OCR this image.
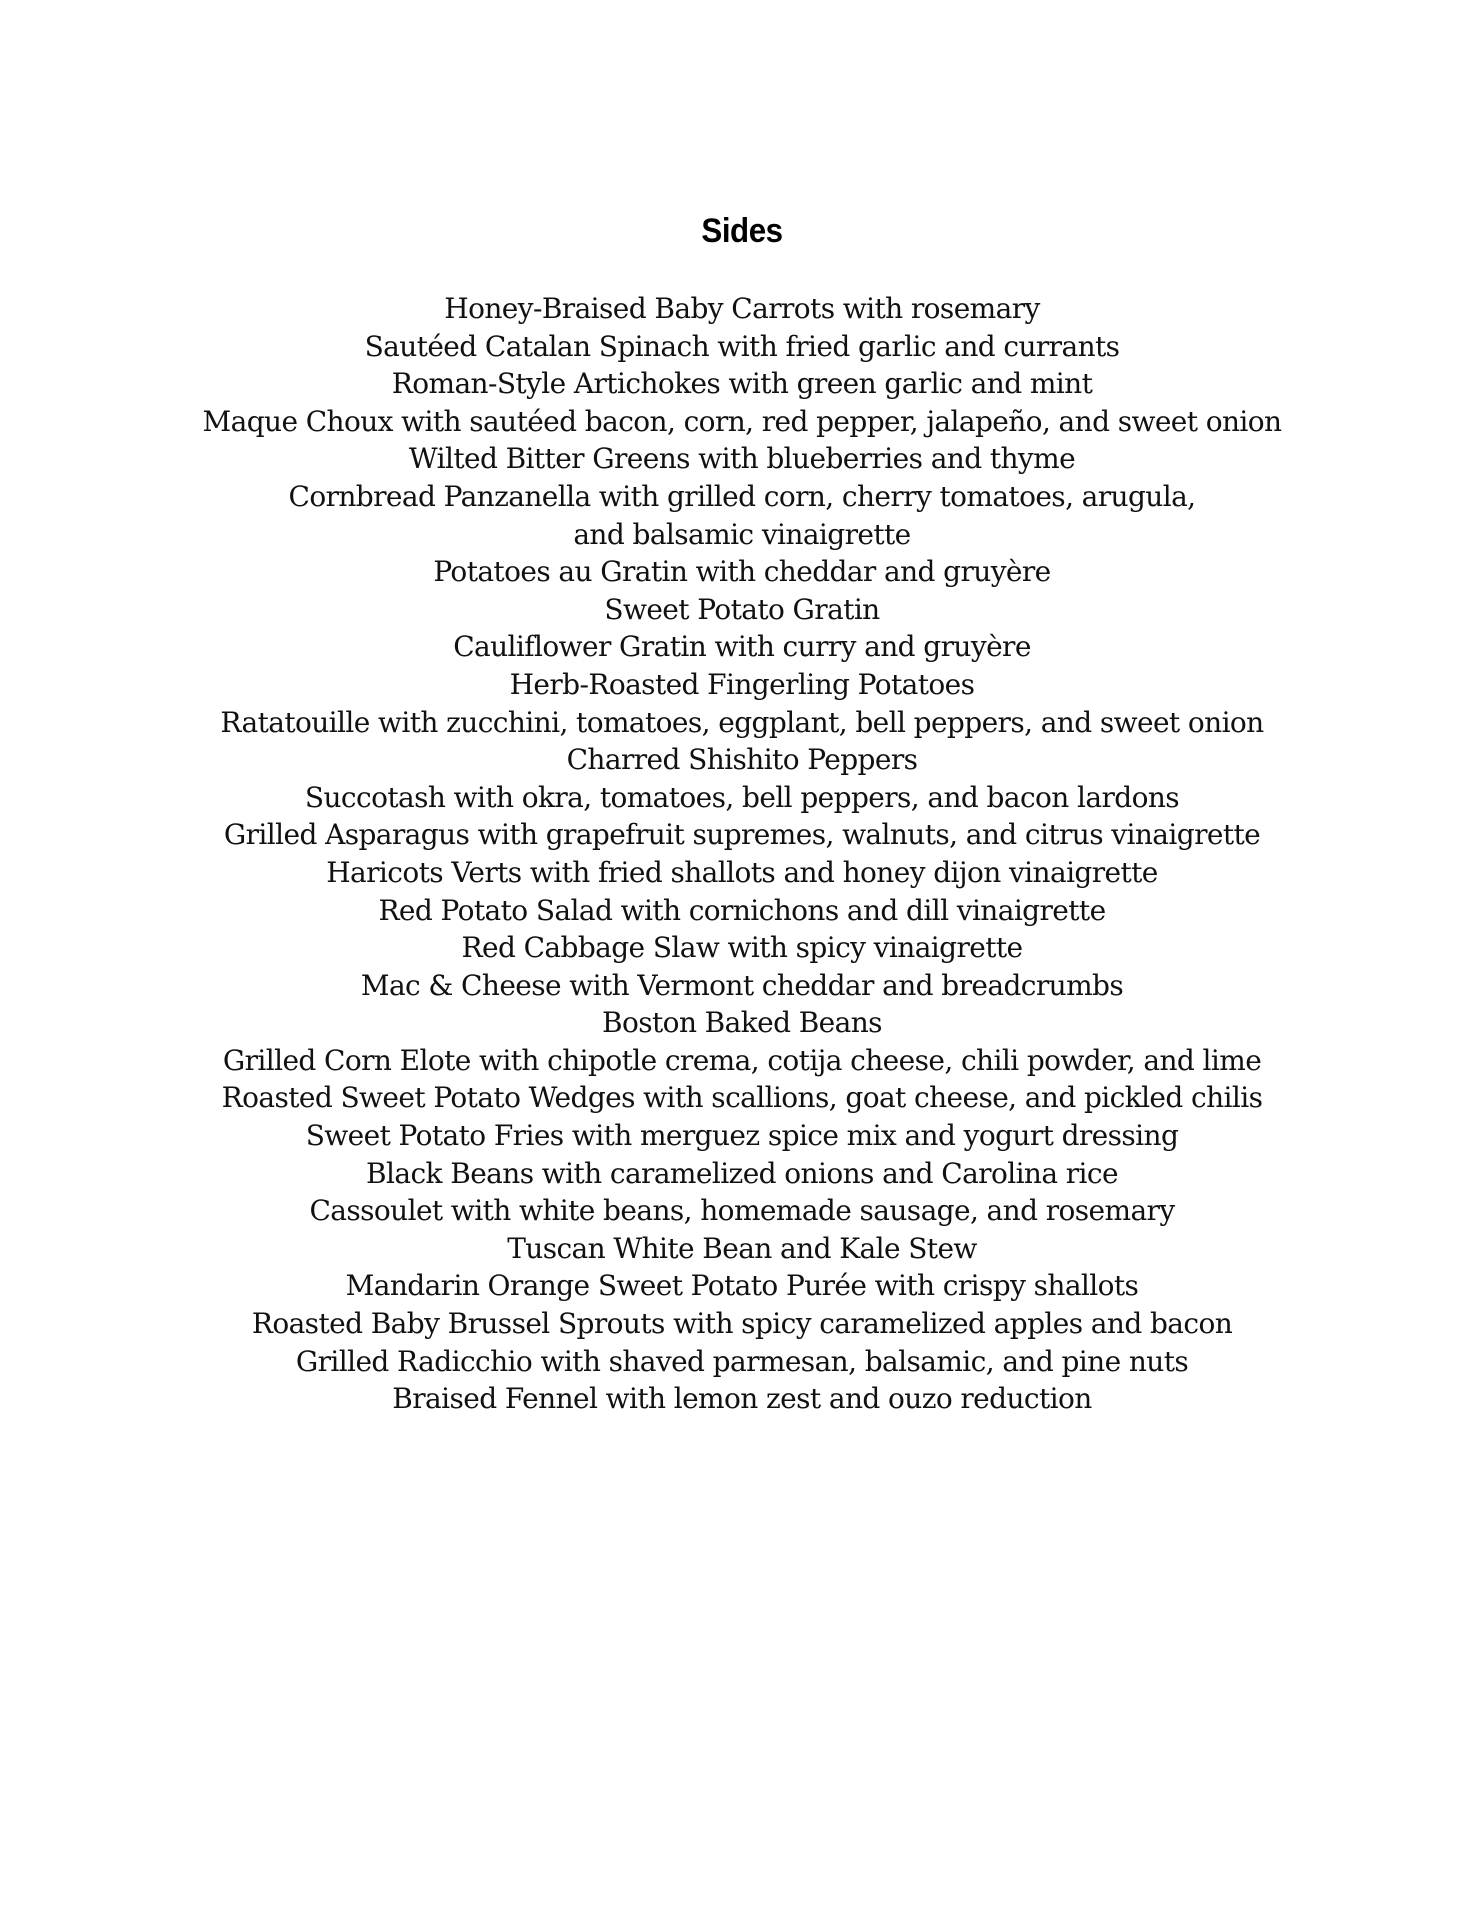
Sides
Honey-Braised Baby Carrots with rosemary
Sautéed Catalan Spinach with fried garlic and currants
Roman-Style Artichokes with green garlic and mint
Maque Choux with sautéed bacon, corn, red pepper, jalapeño, and sweet onion
Wilted Bitter Greens with blueberries and thyme
Cornbread Panzanella with grilled corn, cherry tomatoes, arugula,
and balsamic vinaigrette
Potatoes au Gratin with cheddar and gruyère
Sweet Potato Gratin
Cauliflower Gratin with curry and gruyère
Herb-Roasted Fingerling Potatoes
Ratatouille with zucchini, tomatoes, eggplant, bell peppers, and sweet onion
Charred Shishito Peppers
Succotash with okra, tomatoes, bell peppers, and bacon lardons
Grilled Asparagus with grapefruit supremes, walnuts, and citrus vinaigrette
Haricots Verts with fried shallots and honey dijon vinaigrette
Red Potato Salad with cornichons and dill vinaigrette
Red Cabbage Slaw with spicy vinaigrette
Mac & Cheese with Vermont cheddar and breadcrumbs
Boston Baked Beans
Grilled Corn Elote with chipotle crema, cotija cheese, chili powder, and lime
Roasted Sweet Potato Wedges with scallions, goat cheese, and pickled chilis
Sweet Potato Fries with merguez spice mix and yogurt dressing
Black Beans with caramelized onions and Carolina rice
Cassoulet with white beans, homemade sausage, and rosemary
Tuscan White Bean and Kale Stew
Mandarin Orange Sweet Potato Purée with crispy shallots
Roasted Baby Brussel Sprouts with spicy caramelized apples and bacon
Grilled Radicchio with shaved parmesan, balsamic, and pine nuts
Braised Fennel with lemon zest and ouzo reduction
